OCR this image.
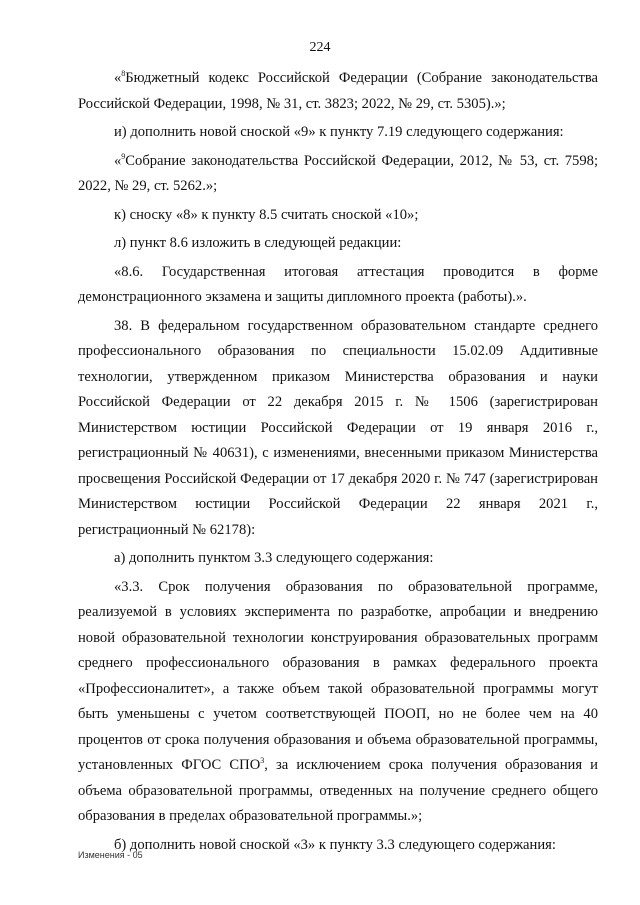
224

«$^8$Бюджетный кодекс Российской Федерации (Собрание законодательства Российской Федерации, 1998, № 31, ст. 3823; 2022, № 29, ст. 5305).»;

и) дополнить новой сноской «9» к пункту 7.19 следующего содержания:

«$^9$Собрание законодательства Российской Федерации, 2012, № 53, ст. 7598; 2022, № 29, ст. 5262.»;

к) сноску «8» к пункту 8.5 считать сноской «10»;

л) пункт 8.6 изложить в следующей редакции:

«8.6. Государственная итоговая аттестация проводится в форме демонстрационного экзамена и защиты дипломного проекта (работы).».

38. В федеральном государственном образовательном стандарте среднего профессионального образования по специальности 15.02.09 Аддитивные технологии, утвержденном приказом Министерства образования и науки Российской Федерации от 22 декабря 2015 г. № 1506 (зарегистрирован Министерством юстиции Российской Федерации от 19 января 2016 г., регистрационный № 40631), с изменениями, внесенными приказом Министерства просвещения Российской Федерации от 17 декабря 2020 г. № 747 (зарегистрирован Министерством юстиции Российской Федерации 22 января 2021 г., регистрационный № 62178):

а) дополнить пунктом 3.3 следующего содержания:

«3.3. Срок получения образования по образовательной программе, реализуемой в условиях эксперимента по разработке, апробации и внедрению новой образовательной технологии конструирования образовательных программ среднего профессионального образования в рамках федерального проекта «Профессионалитет», а также объем такой образовательной программы могут быть уменьшены с учетом соответствующей ПООП, но не более чем на 40 процентов от срока получения образования и объема образовательной программы, установленных ФГОС СПО$^3$, за исключением срока получения образования и объема образовательной программы, отведенных на получение среднего общего образования в пределах образовательной программы.»;

б) дополнить новой сноской «3» к пункту 3.3 следующего содержания:

Изменения - 05
